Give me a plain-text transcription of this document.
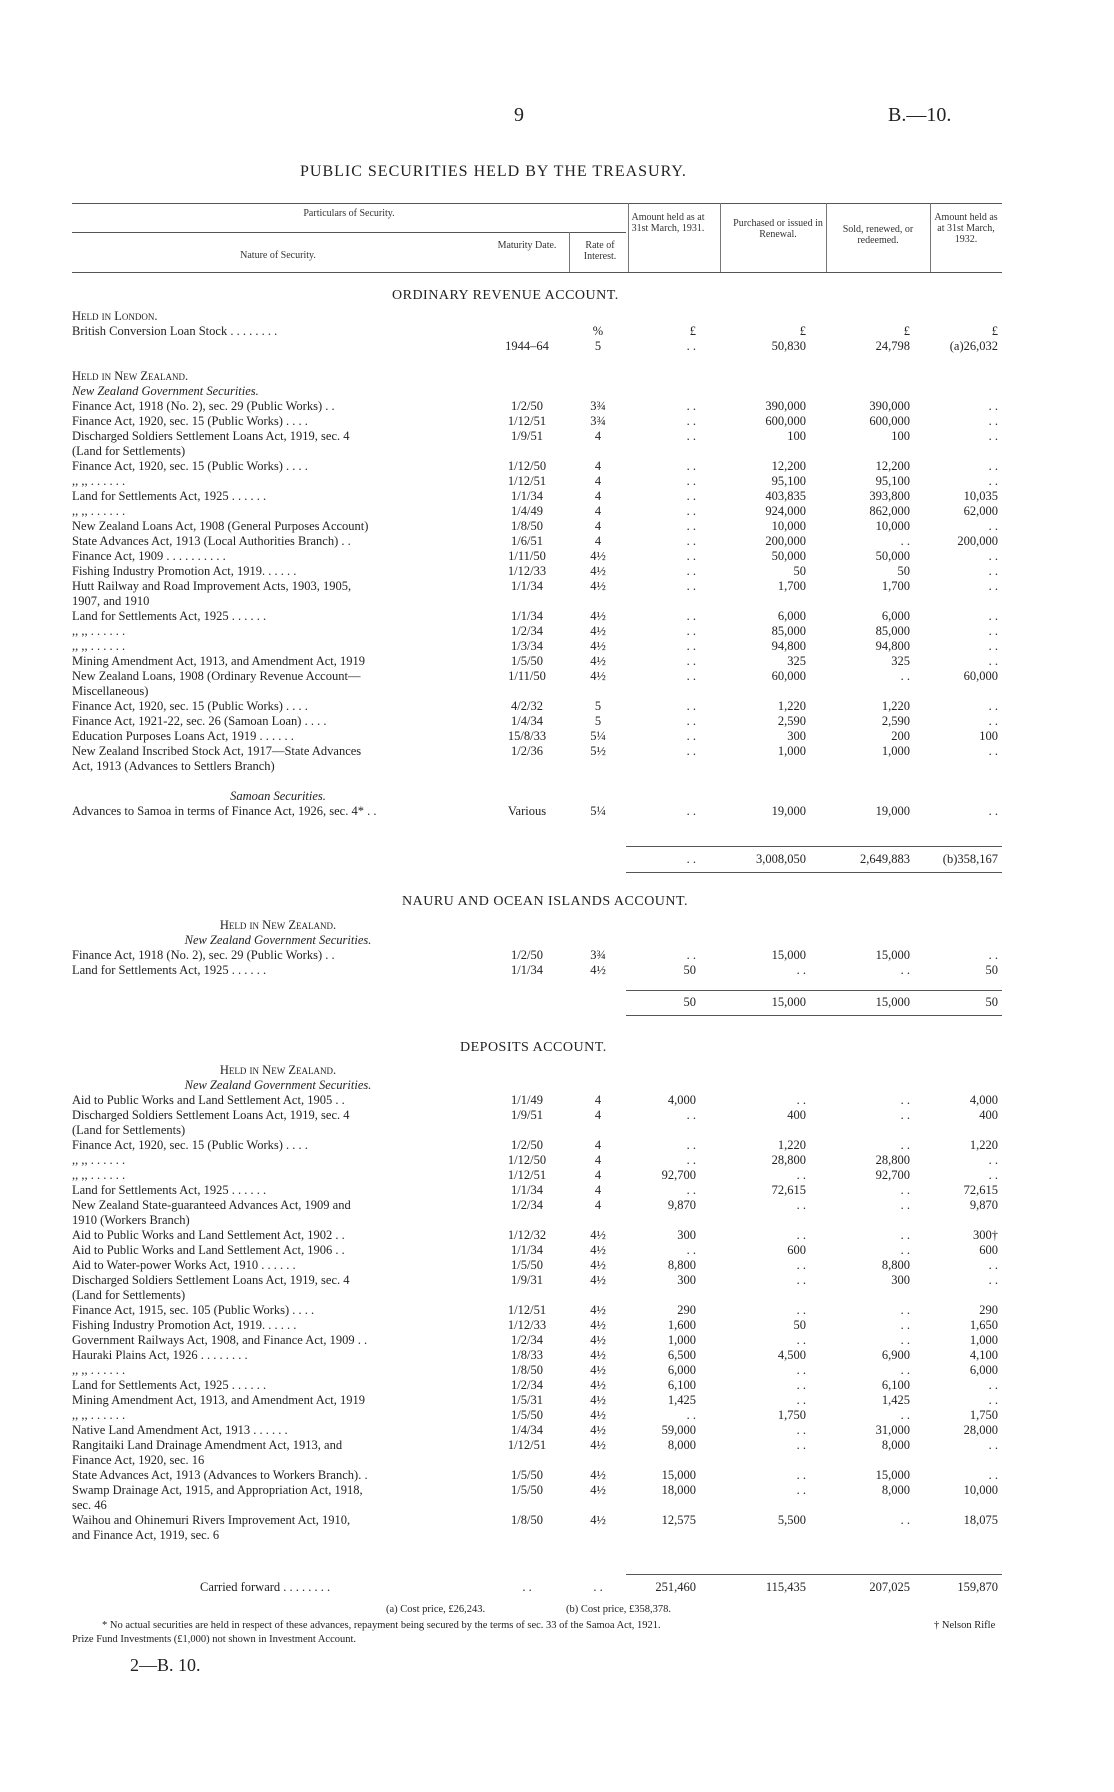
9	B.—10.
PUBLIC SECURITIES HELD BY THE TREASURY.
Particulars of Security.
Nature of Security.
Maturity Date.	Rate of Interest.
Amount held as at 31st March, 1931.	Purchased or issued in Renewal.	Sold, renewed, or redeemed.
Amount held as at 31st March, 1932.
ORDINARY REVENUE ACCOUNT.
Held in London.
British Conversion Loan Stock . . . . . . . .	%	£	£	£	£
1944–64	5	. .	50,830	24,798	(a)26,032
Held in New Zealand.
New Zealand Government Securities.
Finance Act, 1918 (No. 2), sec. 29 (Public Works) . .	1/2/50	3¾	. .	390,000	390,000	. .
Finance Act, 1920, sec. 15 (Public Works) . . . .	1/12/51	3¾	. .	600,000	600,000	. .
Discharged Soldiers Settlement Loans Act, 1919, sec. 4	1/9/51	4	. .	100	100	. .
(Land for Settlements)
Finance Act, 1920, sec. 15 (Public Works) . . . .	1/12/50	4	. .	12,200	12,200	. .
,, ,, . . . . . .	1/12/51	4	. .	95,100	95,100	. .
Land for Settlements Act, 1925 . . . . . .	1/1/34	4	. .	403,835	393,800	10,035
,, ,, . . . . . .	1/4/49	4	. .	924,000	862,000	62,000
New Zealand Loans Act, 1908 (General Purposes Account)	1/8/50	4	. .	10,000	10,000	. .
State Advances Act, 1913 (Local Authorities Branch) . .	1/6/51	4	. .	200,000	. .	200,000
Finance Act, 1909 . . . . . . . . . .	1/11/50	4½	. .	50,000	50,000	. .
Fishing Industry Promotion Act, 1919. . . . . .	1/12/33	4½	. .	50	50	. .
Hutt Railway and Road Improvement Acts, 1903, 1905,	1/1/34	4½	. .	1,700	1,700	. .
1907, and 1910
Land for Settlements Act, 1925 . . . . . .	1/1/34	4½	. .	6,000	6,000	. .
,, ,, . . . . . .	1/2/34	4½	. .	85,000	85,000	. .
,, ,, . . . . . .	1/3/34	4½	. .	94,800	94,800	. .
Mining Amendment Act, 1913, and Amendment Act, 1919	1/5/50	4½	. .	325	325	. .
New Zealand Loans, 1908 (Ordinary Revenue Account—	1/11/50	4½	. .	60,000	. .	60,000
Miscellaneous)
Finance Act, 1920, sec. 15 (Public Works) . . . .	4/2/32	5	. .	1,220	1,220	. .
Finance Act, 1921-22, sec. 26 (Samoan Loan) . . . .	1/4/34	5	. .	2,590	2,590	. .
Education Purposes Loans Act, 1919 . . . . . .	15/8/33	5¼	. .	300	200	100
New Zealand Inscribed Stock Act, 1917—State Advances	1/2/36	5½	. .	1,000	1,000	. .
Act, 1913 (Advances to Settlers Branch)
Samoan Securities.
Advances to Samoa in terms of Finance Act, 1926, sec. 4* . .	Various	5¼	. .	19,000	19,000	. .
. .	3,008,050	2,649,883	(b)358,167
NAURU AND OCEAN ISLANDS ACCOUNT.
Held in New Zealand.
New Zealand Government Securities.
Finance Act, 1918 (No. 2), sec. 29 (Public Works) . .	1/2/50	3¾	. .	15,000	15,000	. .
Land for Settlements Act, 1925 . . . . . .	1/1/34	4½	50	. .	. .	50
50	15,000	15,000	50
DEPOSITS ACCOUNT.
Held in New Zealand.
New Zealand Government Securities.
Aid to Public Works and Land Settlement Act, 1905 . .	1/1/49	4	4,000	. .	. .	4,000
Discharged Soldiers Settlement Loans Act, 1919, sec. 4	1/9/51	4	. .	400	. .	400
(Land for Settlements)
Finance Act, 1920, sec. 15 (Public Works) . . . .	1/2/50	4	. .	1,220	. .	1,220
,, ,, . . . . . .	1/12/50	4	. .	28,800	28,800	. .
,, ,, . . . . . .	1/12/51	4	92,700	. .	92,700	. .
Land for Settlements Act, 1925 . . . . . .	1/1/34	4	. .	72,615	. .	72,615
New Zealand State-guaranteed Advances Act, 1909 and	1/2/34	4	9,870	. .	. .	9,870
1910 (Workers Branch)
Aid to Public Works and Land Settlement Act, 1902 . .	1/12/32	4½	300	. .	. .	300†
Aid to Public Works and Land Settlement Act, 1906 . .	1/1/34	4½	. .	600	. .	600
Aid to Water-power Works Act, 1910 . . . . . .	1/5/50	4½	8,800	. .	8,800	. .
Discharged Soldiers Settlement Loans Act, 1919, sec. 4	1/9/31	4½	300	. .	300	. .
(Land for Settlements)
Finance Act, 1915, sec. 105 (Public Works) . . . .	1/12/51	4½	290	. .	. .	290
Fishing Industry Promotion Act, 1919. . . . . .	1/12/33	4½	1,600	50	. .	1,650
Government Railways Act, 1908, and Finance Act, 1909 . .	1/2/34	4½	1,000	. .	. .	1,000
Hauraki Plains Act, 1926 . . . . . . . .	1/8/33	4½	6,500	4,500	6,900	4,100
,, ,, . . . . . .	1/8/50	4½	6,000	. .	. .	6,000
Land for Settlements Act, 1925 . . . . . .	1/2/34	4½	6,100	. .	6,100	. .
Mining Amendment Act, 1913, and Amendment Act, 1919	1/5/31	4½	1,425	. .	1,425	. .
,, ,, . . . . . .	1/5/50	4½	. .	1,750	. .	1,750
Native Land Amendment Act, 1913 . . . . . .	1/4/34	4½	59,000	. .	31,000	28,000
Rangitaiki Land Drainage Amendment Act, 1913, and	1/12/51	4½	8,000	. .	8,000	. .
Finance Act, 1920, sec. 16
State Advances Act, 1913 (Advances to Workers Branch). .	1/5/50	4½	15,000	. .	15,000	. .
Swamp Drainage Act, 1915, and Appropriation Act, 1918,	1/5/50	4½	18,000	. .	8,000	10,000
sec. 46
Waihou and Ohinemuri Rivers Improvement Act, 1910,	1/8/50	4½	12,575	5,500	. .	18,075
and Finance Act, 1919, sec. 6
Carried forward . . . . . . . .	. .	. .	251,460	115,435	207,025	159,870
(a) Cost price, £26,243.	(b) Cost price, £358,378.
* No actual securities are held in respect of these advances, repayment being secured by the terms of sec. 33 of the Samoa Act, 1921.	† Nelson Rifle
Prize Fund Investments (£1,000) not shown in Investment Account.
2—B. 10.
